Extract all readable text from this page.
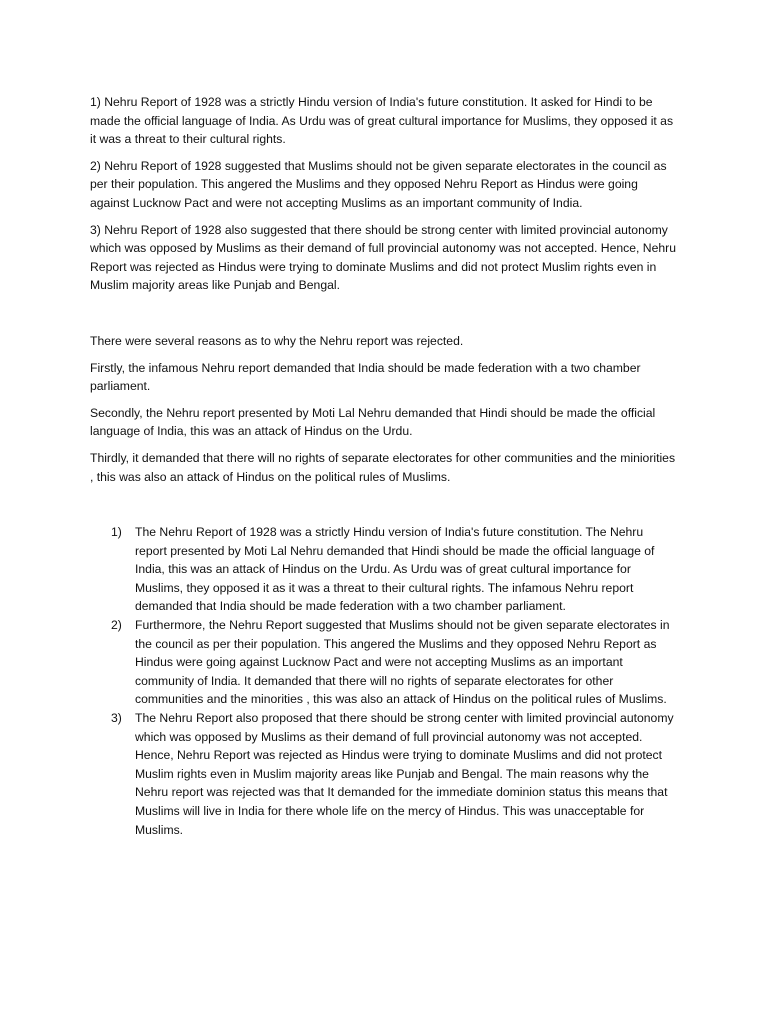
1) Nehru Report of 1928 was a strictly Hindu version of India's future constitution. It asked for Hindi to be made the official language of India. As Urdu was of great cultural importance for Muslims, they opposed it as it was a threat to their cultural rights.

2) Nehru Report of 1928 suggested that Muslims should not be given separate electorates in the council as per their population. This angered the Muslims and they opposed Nehru Report as Hindus were going against Lucknow Pact and were not accepting Muslims as an important community of India.

3) Nehru Report of 1928 also suggested that there should be strong center with limited provincial autonomy which was opposed by Muslims as their demand of full provincial autonomy was not accepted. Hence, Nehru Report was rejected as Hindus were trying to dominate Muslims and did not protect Muslim rights even in Muslim majority areas like Punjab and Bengal.

There were several reasons as to why the Nehru report was rejected.

Firstly, the infamous Nehru report demanded that India should be made federation with a two chamber parliament.

Secondly, the Nehru report presented by Moti Lal Nehru demanded that Hindi should be made the official language of India, this was an attack of Hindus on the Urdu.

Thirdly, it demanded that there will no rights of separate electorates for other communities and the miniorities , this was also an attack of Hindus on the political rules of Muslims.

1) The Nehru Report of 1928 was a strictly Hindu version of India's future constitution. The Nehru report presented by Moti Lal Nehru demanded that Hindi should be made the official language of India, this was an attack of Hindus on the Urdu. As Urdu was of great cultural importance for Muslims, they opposed it as it was a threat to their cultural rights. The infamous Nehru report demanded that India should be made federation with a two chamber parliament.
2) Furthermore, the Nehru Report suggested that Muslims should not be given separate electorates in the council as per their population. This angered the Muslims and they opposed Nehru Report as Hindus were going against Lucknow Pact and were not accepting Muslims as an important community of India. It demanded that there will no rights of separate electorates for other communities and the minorities , this was also an attack of Hindus on the political rules of Muslims.
3) The Nehru Report also proposed that there should be strong center with limited provincial autonomy which was opposed by Muslims as their demand of full provincial autonomy was not accepted. Hence, Nehru Report was rejected as Hindus were trying to dominate Muslims and did not protect Muslim rights even in Muslim majority areas like Punjab and Bengal. The main reasons why the Nehru report was rejected was that It demanded for the immediate dominion status this means that Muslims will live in India for there whole life on the mercy of Hindus. This was unacceptable for Muslims.
